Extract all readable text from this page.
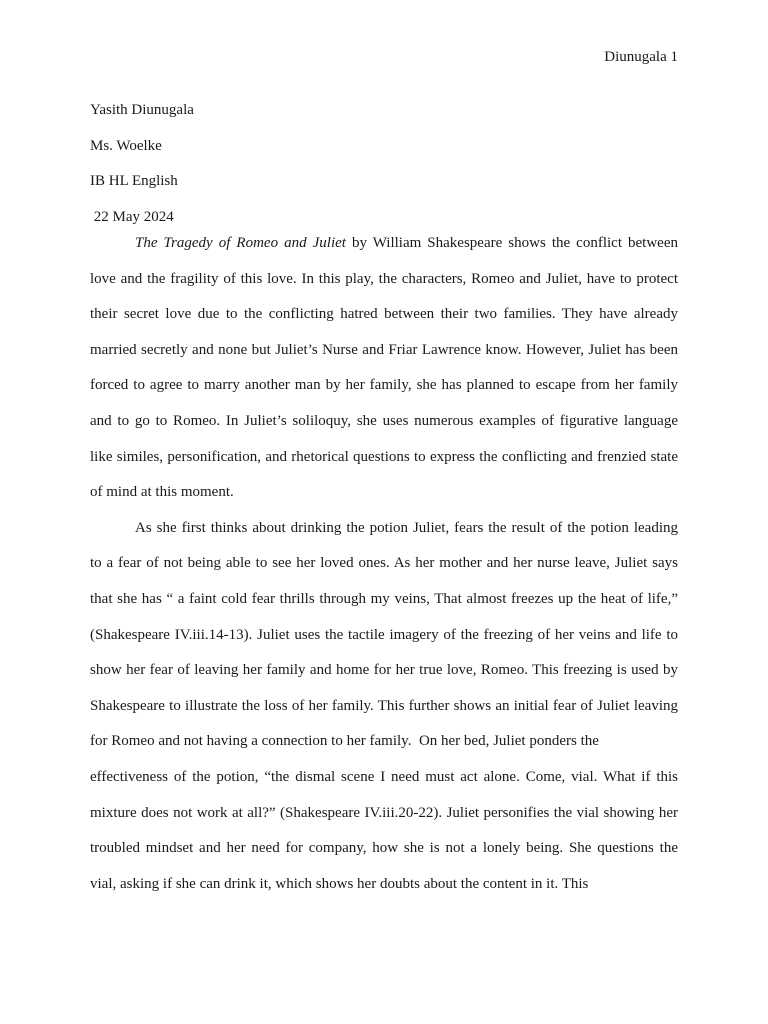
Diunugala 1
Yasith Diunugala
Ms. Woelke
IB HL English
22 May 2024
The Tragedy of Romeo and Juliet by William Shakespeare shows the conflict between
love and the fragility of this love. In this play, the characters, Romeo and Juliet, have to protect
their secret love due to the conflicting hatred between their two families. They have already
married secretly and none but Juliet’s Nurse and Friar Lawrence know. However, Juliet has been
forced to agree to marry another man by her family, she has planned to escape from her family
and to go to Romeo. In Juliet’s soliloquy, she uses numerous examples of figurative language
like similes, personification, and rhetorical questions to express the conflicting and frenzied state
of mind at this moment.
As she first thinks about drinking the potion Juliet, fears the result of the potion leading
to a fear of not being able to see her loved ones. As her mother and her nurse leave, Juliet says
that she has “ a faint cold fear thrills through my veins, That almost freezes up the heat of life,”
(Shakespeare IV.iii.14-13). Juliet uses the tactile imagery of the freezing of her veins and life to
show her fear of leaving her family and home for her true love, Romeo. This freezing is used by
Shakespeare to illustrate the loss of her family. This further shows an initial fear of Juliet leaving
for Romeo and not having a connection to her family.  On her bed, Juliet ponders the
effectiveness of the potion, “the dismal scene I need must act alone. Come, vial. What if this
mixture does not work at all?” (Shakespeare IV.iii.20-22). Juliet personifies the vial showing her
troubled mindset and her need for company, how she is not a lonely being. She questions the
vial, asking if she can drink it, which shows her doubts about the content in it. This
